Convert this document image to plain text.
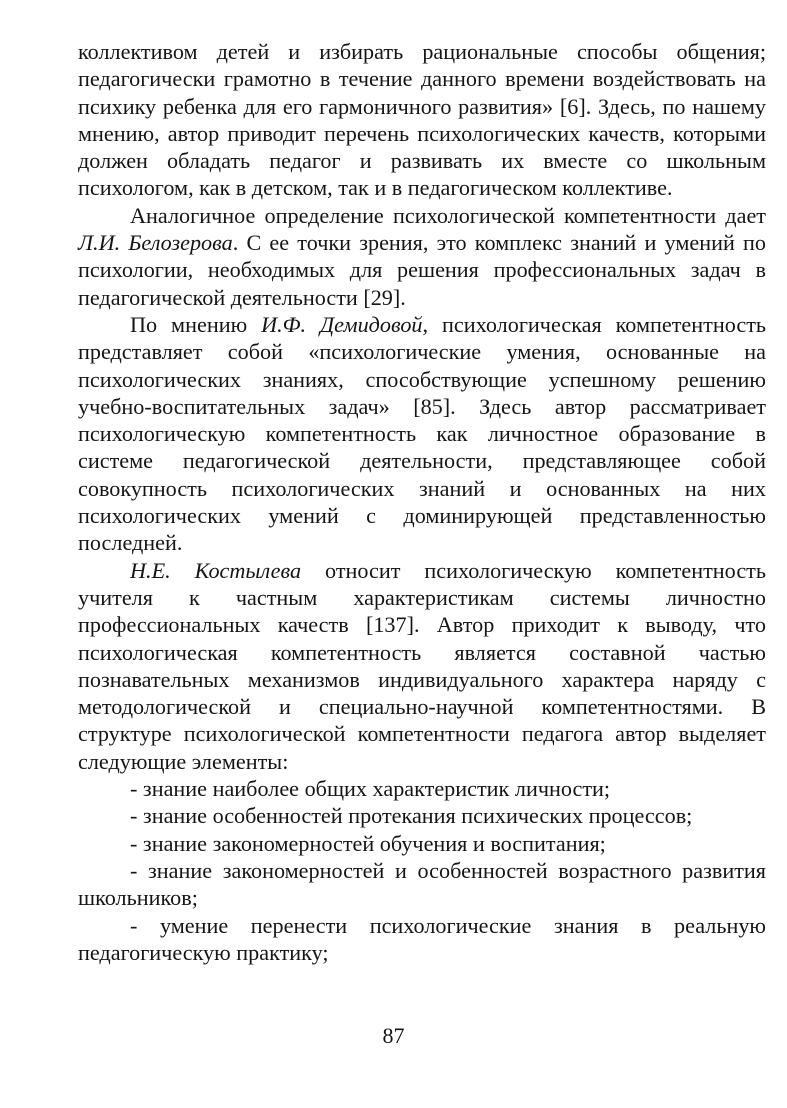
коллективом детей и избирать рациональные способы общения; педагогически грамотно в течение данного времени воздействовать на психику ребенка для его гармоничного развития» [6]. Здесь, по нашему мнению, автор приводит перечень психологических качеств, которыми должен обладать педагог и развивать их вместе со школьным психологом, как в детском, так и в педагогическом коллективе.

Аналогичное определение психологической компетентности дает Л.И. Белозерова. С ее точки зрения, это комплекс знаний и умений по психологии, необходимых для решения профессиональных задач в педагогической деятельности [29].

По мнению И.Ф. Демидовой, психологическая компетентность представляет собой «психологические умения, основанные на психологических знаниях, способствующие успешному решению учебно-воспитательных задач» [85]. Здесь автор рассматривает психологическую компетентность как личностное образование в системе педагогической деятельности, представляющее собой совокупность психологических знаний и основанных на них психологических умений с доминирующей представленностью последней.

Н.Е. Костылева относит психологическую компетентность учителя к частным характеристикам системы личностно профессиональных качеств [137]. Автор приходит к выводу, что психологическая компетентность является составной частью познавательных механизмов индивидуального характера наряду с методологической и специально-научной компетентностями. В структуре психологической компетентности педагога автор выделяет следующие элементы:

- знание наиболее общих характеристик личности;

- знание особенностей протекания психических процессов;

- знание закономерностей обучения и воспитания;

- знание закономерностей и особенностей возрастного развития школьников;

- умение перенести психологические знания в реальную педагогическую практику;

87
